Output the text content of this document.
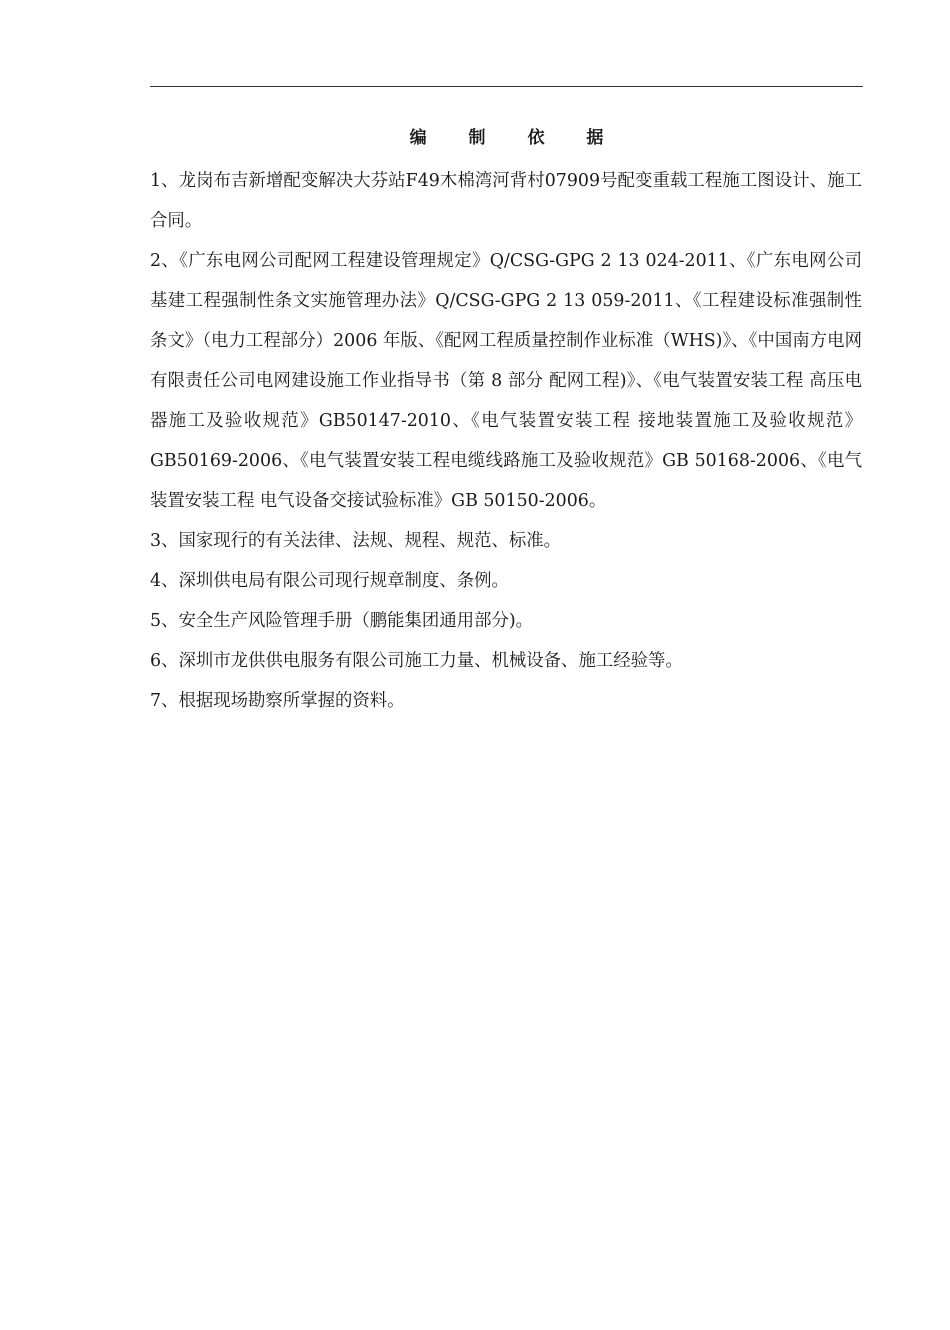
编 制 依 据

1、龙岗布吉新增配变解决大芬站F49木棉湾河背村07909号配变重载工程施工图设计、施工合同。

2、《广东电网公司配网工程建设管理规定》Q/CSG-GPG 2 13 024-2011、《广东电网公司基建工程强制性条文实施管理办法》Q/CSG-GPG 2 13 059-2011、《工程建设标准强制性条文》（电力工程部分）2006 年版、《配网工程质量控制作业标准（WHS)》、《中国南方电网有限责任公司电网建设施工作业指导书（第 8 部分 配网工程)》、《电气装置安装工程 高压电器施工及验收规范》GB50147-2010、《电气装置安装工程 接地装置施工及验收规范》GB50169-2006、《电气装置安装工程电缆线路施工及验收规范》GB 50168-2006、《电气装置安装工程 电气设备交接试验标准》GB 50150-2006。

3、国家现行的有关法律、法规、规程、规范、标准。

4、深圳供电局有限公司现行规章制度、条例。

5、安全生产风险管理手册（鹏能集团通用部分)。

6、深圳市龙供供电服务有限公司施工力量、机械设备、施工经验等。

7、根据现场勘察所掌握的资料。
